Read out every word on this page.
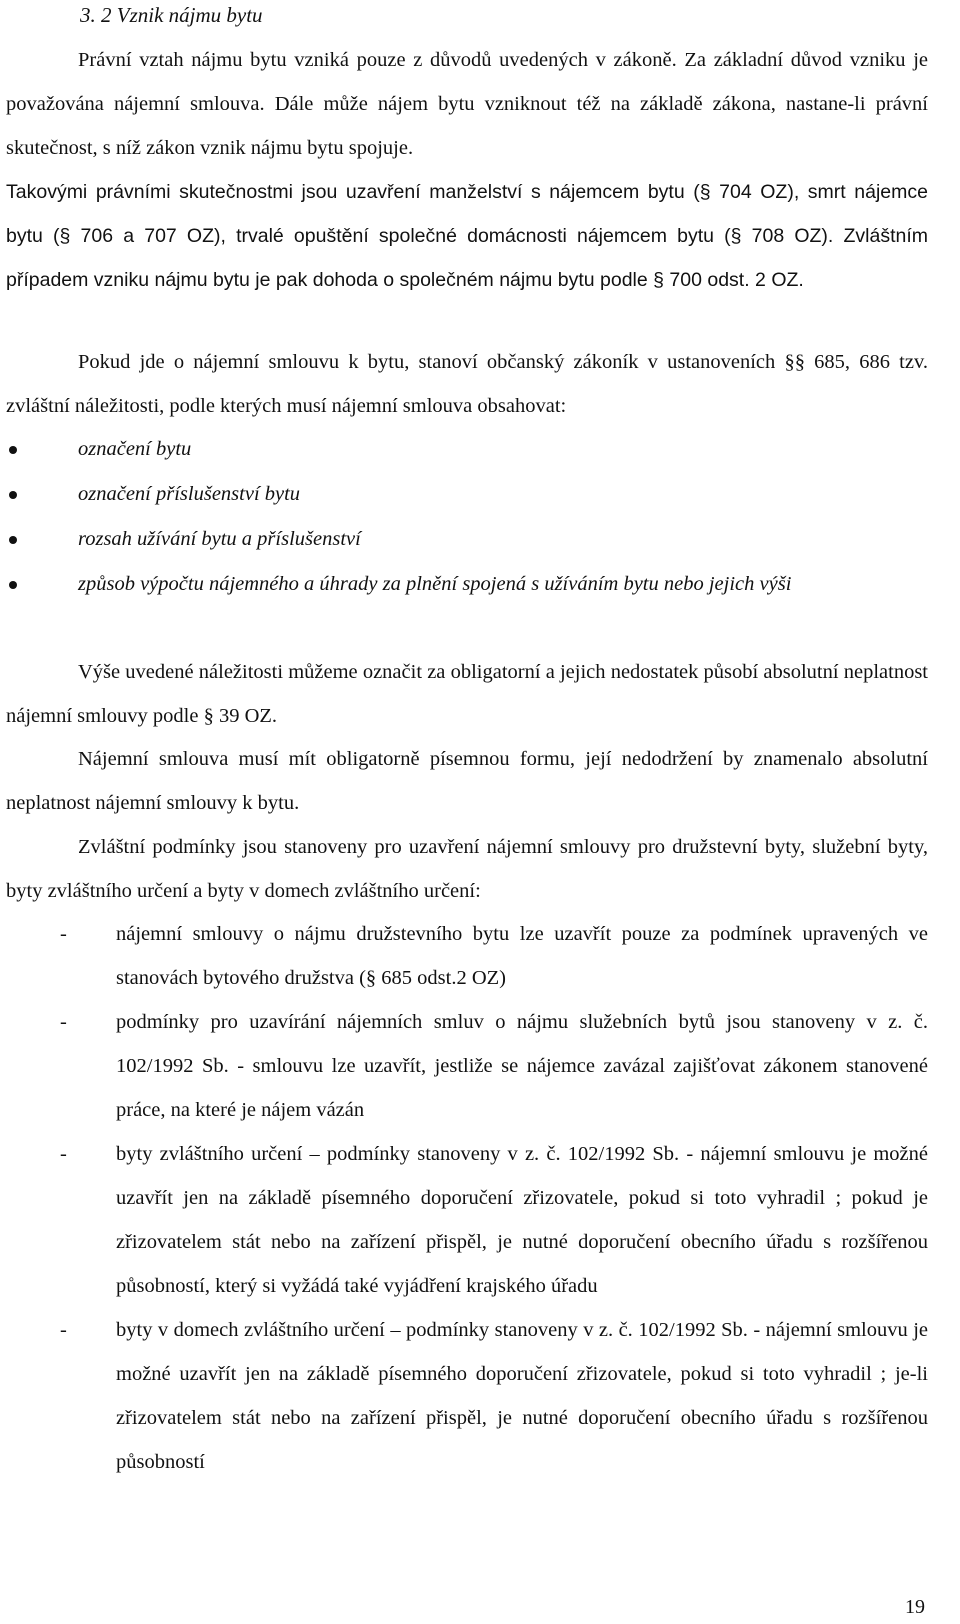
3. 2 Vznik nájmu bytu

Právní vztah nájmu bytu vzniká pouze z důvodů uvedených v zákoně. Za základní důvod vzniku je považována nájemní smlouva. Dále může nájem bytu vzniknout též na základě zákona, nastane-li právní skutečnost, s níž zákon vznik nájmu bytu spojuje.

Takovými právními skutečnostmi jsou uzavření manželství s nájemcem bytu (§ 704 OZ), smrt nájemce bytu (§ 706 a 707 OZ), trvalé opuštění společné domácnosti nájemcem bytu (§ 708 OZ). Zvláštním případem vzniku nájmu bytu je pak dohoda o společném nájmu bytu podle § 700 odst. 2 OZ.

Pokud jde o nájemní smlouvu k bytu, stanoví občanský zákoník v ustanoveních §§ 685, 686 tzv. zvláštní náležitosti, podle kterých musí nájemní smlouva obsahovat:

označení bytu
označení příslušenství bytu
rozsah užívání bytu a příslušenství
způsob výpočtu nájemného a úhrady za plnění spojená s užíváním bytu nebo jejich výši

Výše uvedené náležitosti můžeme označit za obligatorní a jejich nedostatek působí absolutní neplatnost nájemní smlouvy podle § 39 OZ.

Nájemní smlouva musí mít obligatorně písemnou formu, její nedodržení by znamenalo absolutní neplatnost nájemní smlouvy k bytu.

Zvláštní podmínky jsou stanoveny pro uzavření nájemní smlouvy pro družstevní byty, služební byty, byty zvláštního určení a byty v domech zvláštního určení:

- nájemní smlouvy o nájmu družstevního bytu lze uzavřít pouze za podmínek upravených ve stanovách bytového družstva (§ 685 odst.2 OZ)
- podmínky pro uzavírání nájemních smluv o nájmu služebních bytů jsou stanoveny v z. č. 102/1992 Sb. - smlouvu lze uzavřít, jestliže se nájemce zavázal zajišťovat zákonem stanovené práce, na které je nájem vázán
- byty zvláštního určení – podmínky stanoveny v z. č. 102/1992 Sb. - nájemní smlouvu je možné uzavřít jen na základě písemného doporučení zřizovatele, pokud si toto vyhradil ; pokud je zřizovatelem stát nebo na zařízení přispěl, je nutné doporučení obecního úřadu s rozšířenou působností, který si vyžádá také vyjádření krajského úřadu
- byty v domech zvláštního určení – podmínky stanoveny v z. č. 102/1992 Sb. - nájemní smlouvu je možné uzavřít jen na základě písemného doporučení zřizovatele, pokud si toto vyhradil ; je-li zřizovatelem stát nebo na zařízení přispěl, je nutné doporučení obecního úřadu s rozšířenou působností
19
